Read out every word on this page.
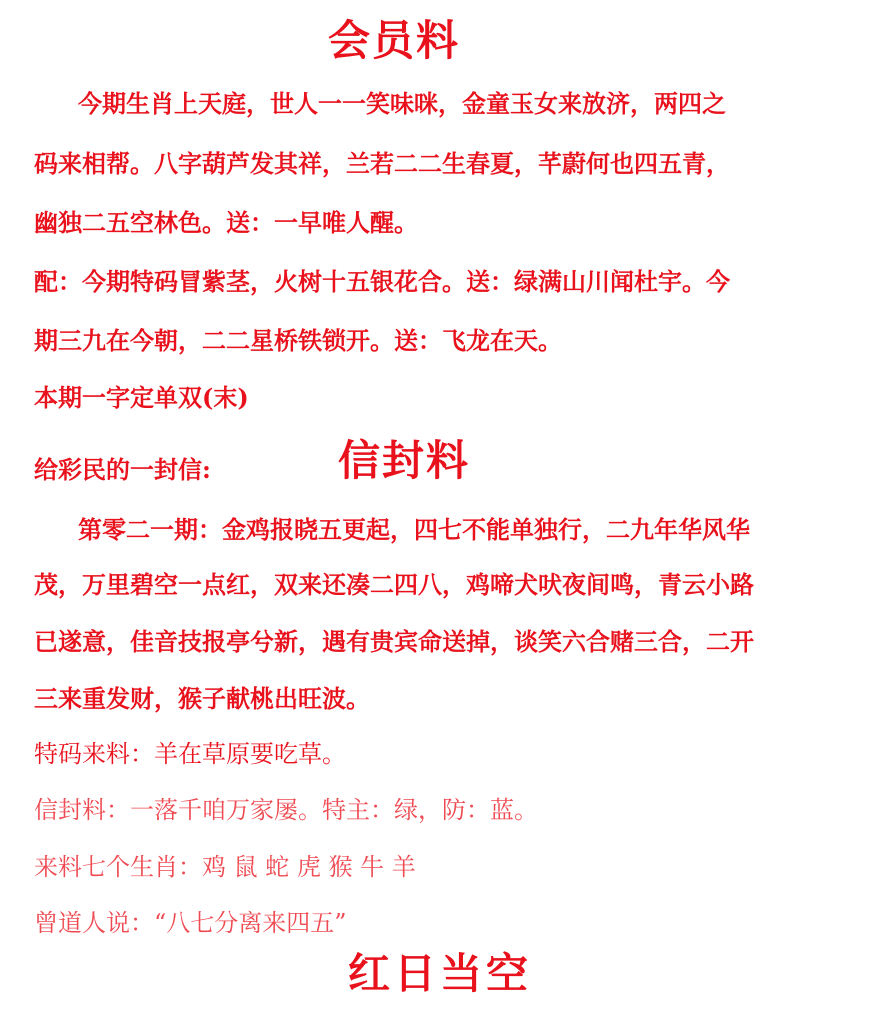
会员料
今期生肖上天庭，世人一一笑味咪，金童玉女来放济，两四之
码来相帮。八字葫芦发其祥，兰若二二生春夏，芊蔚何也四五青，
幽独二五空林色。送：一早唯人醒。
配：今期特码冒紫茎，火树十五银花合。送：绿满山川闻杜宇。今
期三九在今朝，二二星桥铁锁开。送：飞龙在天。
本期一字定单双(末)
给彩民的一封信:	信封料
第零二一期：金鸡报晓五更起，四七不能单独行，二九年华风华
茂，万里碧空一点红，双来还凑二四八，鸡啼犬吠夜间鸣，青云小路
已遂意，佳音技报亭兮新，遇有贵宾命送掉，谈笑六合赌三合，二开
三来重发财，猴子献桃出旺波。
特码来料：羊在草原要吃草。
信封料：一落千咱万家屡。特主：绿，防：蓝。
来料七个生肖：鸡 鼠 蛇 虎 猴 牛 羊
曾道人说：“八七分离来四五”
红日当空
